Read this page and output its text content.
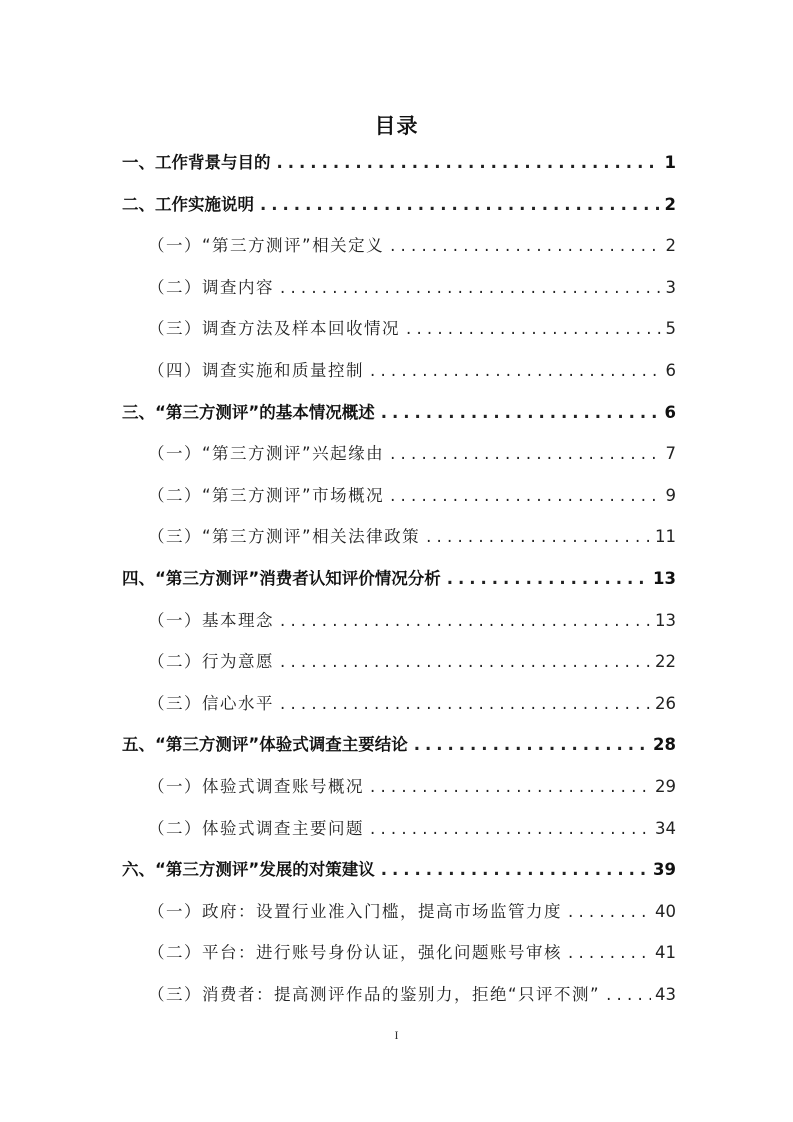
目录
一、工作背景与目的 .....	1
二、工作实施说明 .....	2
（一）“第三方测评”相关定义 .....	2
（二）调查内容 .....	3
（三）调查方法及样本回收情况 .....	5
（四）调查实施和质量控制 .....	6
三、“第三方测评”的基本情况概述 .....	6
（一）“第三方测评”兴起缘由 .....	7
（二）“第三方测评”市场概况 .....	9
（三）“第三方测评”相关法律政策 .....	11
四、“第三方测评”消费者认知评价情况分析 .....	13
（一）基本理念 .....	13
（二）行为意愿 .....	22
（三）信心水平 .....	26
五、“第三方测评”体验式调查主要结论 .....	28
（一）体验式调查账号概况 .....	29
（二）体验式调查主要问题 .....	34
六、“第三方测评”发展的对策建议 .....	39
（一）政府：设置行业准入门槛，提高市场监管力度 .....	40
（二）平台：进行账号身份认证，强化问题账号审核 .....	41
（三）消费者：提高测评作品的鉴别力，拒绝“只评不测” .....	43
I
